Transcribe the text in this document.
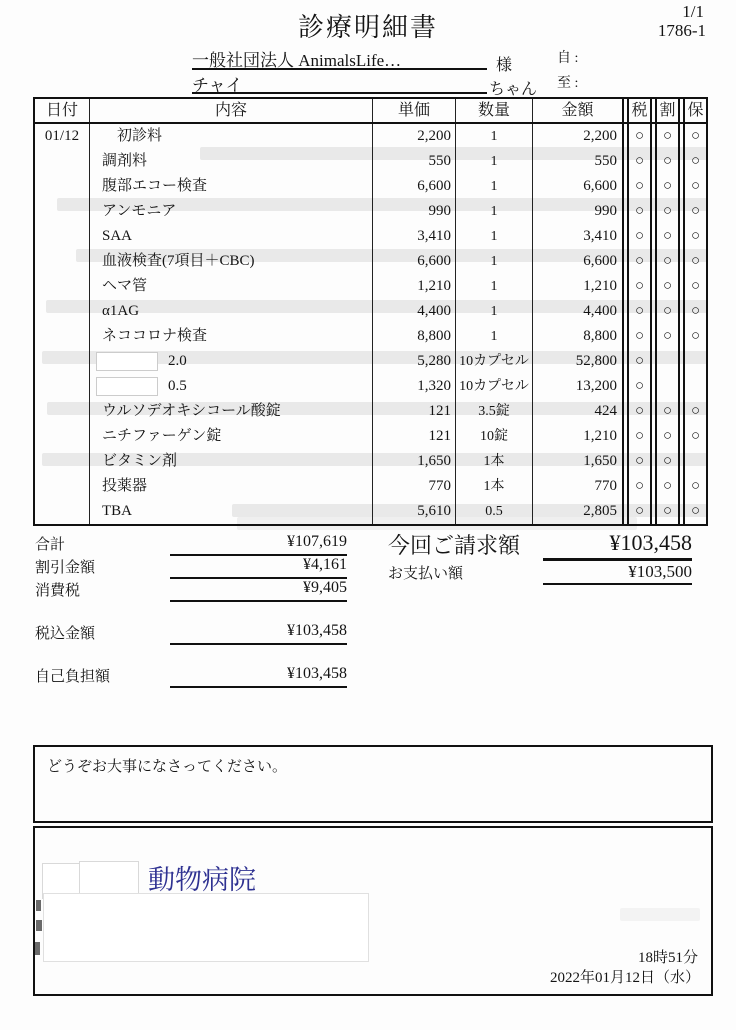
診療明細書
1/1
1786-1
一般社団法人 AnimalsLife…	様
チャイ	ちゃん
自 :
至 :
日付	内容	単価	数量	金額	税 割 保
01/12	　初診料	2,200	1	2,200	○	○	○
調剤料	550	1	550	○	○	○
腹部エコー検査	6,600	1	6,600	○	○	○
アンモニア	990	1	990	○	○	○
SAA	3,410	1	3,410	○	○	○
血液検査(7項目＋CBC)	6,600	1	6,600	○	○	○
ヘマ管	1,210	1	1,210	○	○	○
α1AG	4,400	1	4,400	○	○	○
ネココロナ検査	8,800	1	8,800	○	○	○
2.0	5,280 10カプセル	52,800	○
0.5	1,320 10カプセル	13,200	○
ウルソデオキシコール酸錠	121	3.5錠	424	○	○	○
ニチファーゲン錠	121	10錠	1,210	○	○	○
ビタミン剤	1,650	1本	1,650	○	○
投薬器	770	1本	770	○	○	○
TBA	5,610	0.5	2,805	○	○	○
合計	¥107,619
割引金額	¥4,161
消費税	¥9,405
税込金額	¥103,458
自己負担額	¥103,458
今回ご請求額	¥103,458
お支払い額	¥103,500
どうぞお大事になさってください。
動物病院
18時51分
2022年01月12日（水）
